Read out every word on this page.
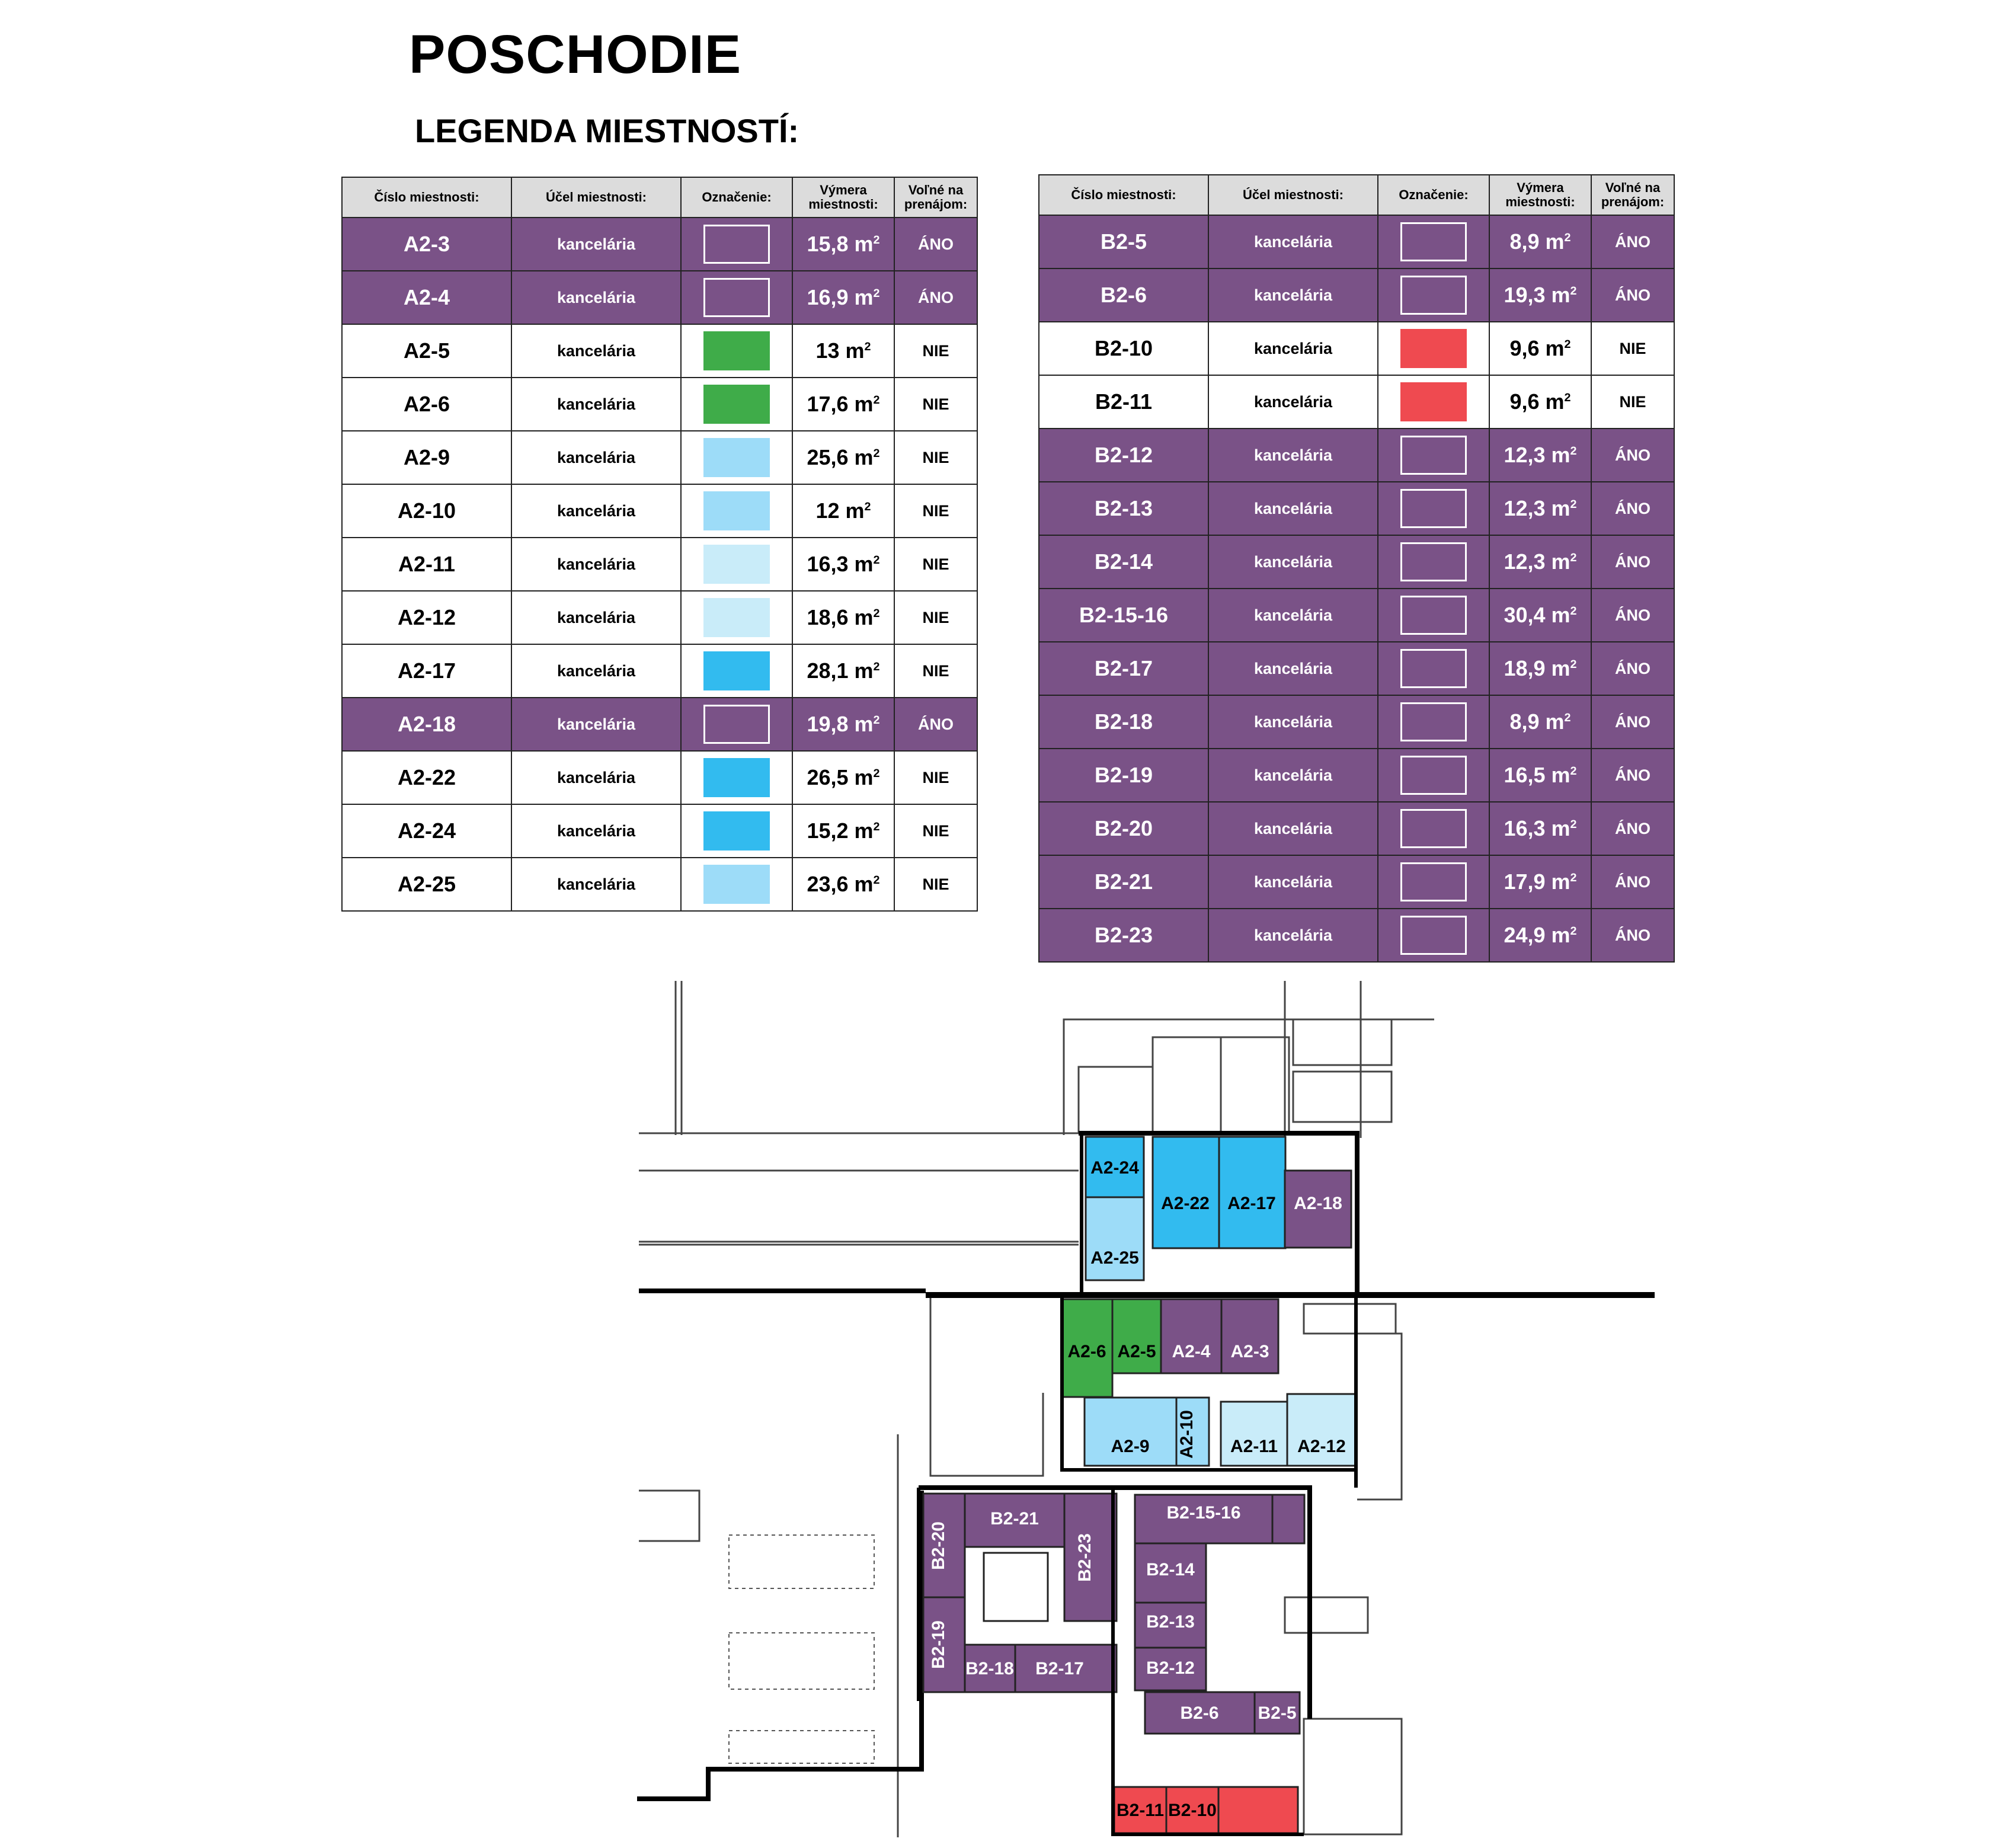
POSCHODIE
LEGENDA MIESTNOSTÍ:
Číslo miestnosti:	Účel miestnosti:	Označenie:	Výmera miestnosti:	Voľné na prenájom:
A2-3	kancelária		15,8 $m^2$	ÁNO
A2-4	kancelária		16,9 $m^2$	ÁNO
A2-5	kancelária		13 $m^2$	NIE
A2-6	kancelária		17,6 $m^2$	NIE
A2-9	kancelária		25,6 $m^2$	NIE
A2-10	kancelária		12 $m^2$	NIE
A2-11	kancelária		16,3 $m^2$	NIE
A2-12	kancelária		18,6 $m^2$	NIE
A2-17	kancelária		28,1 $m^2$	NIE
A2-18	kancelária		19,8 $m^2$	ÁNO
A2-22	kancelária		26,5 $m^2$	NIE
A2-24	kancelária		15,2 $m^2$	NIE
A2-25	kancelária		23,6 $m^2$	NIE
Číslo miestnosti:	Účel miestnosti:	Označenie:	Výmera miestnosti:	Voľné na prenájom:
B2-5	kancelária		8,9 $m^2$	ÁNO
B2-6	kancelária		19,3 $m^2$	ÁNO
B2-10	kancelária		9,6 $m^2$	NIE
B2-11	kancelária		9,6 $m^2$	NIE
B2-12	kancelária		12,3 $m^2$	ÁNO
B2-13	kancelária		12,3 $m^2$	ÁNO
B2-14	kancelária		12,3 $m^2$	ÁNO
B2-15-16	kancelária		30,4 $m^2$	ÁNO
B2-17	kancelária		18,9 $m^2$	ÁNO
B2-18	kancelária		8,9 $m^2$	ÁNO
B2-19	kancelária		16,5 $m^2$	ÁNO
B2-20	kancelária		16,3 $m^2$	ÁNO
B2-21	kancelária		17,9 $m^2$	ÁNO
B2-23	kancelária		24,9 $m^2$	ÁNO
A2-24
A2-22 A2-17 A2-18
A2-25
A2-6 A2-5 A2-4 A2-3
A2-9 A2-10 A2-11 A2-12
B2-21
B2-20	B2-23
B2-19 B2-18 B2-17
B2-15-16
B2-14
B2-13
B2-12
B2-6 B2-5
B2-11 B2-10
